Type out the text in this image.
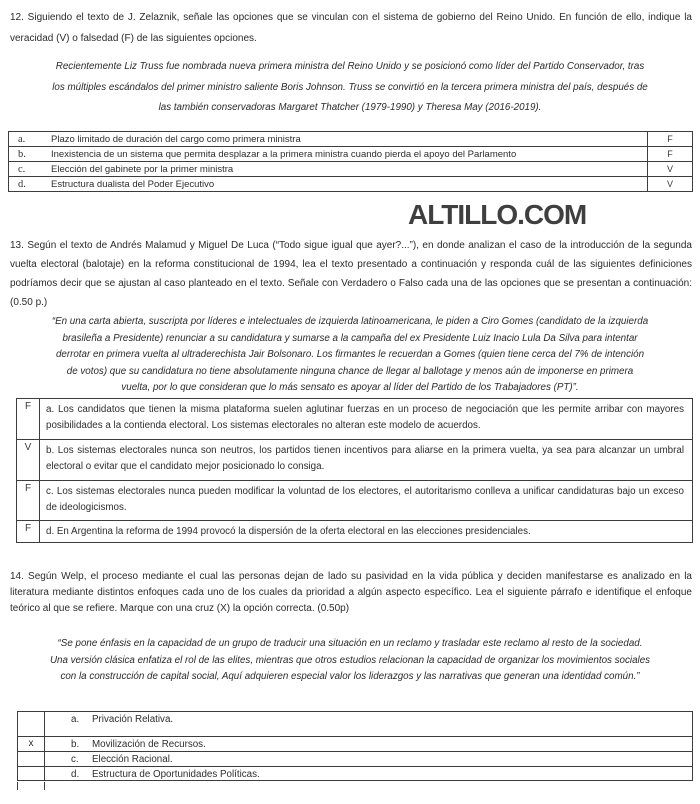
12. Siguiendo el texto de J. Zelaznik, señale las opciones que se vinculan con el sistema de gobierno del Reino Unido. En función de ello, indique la veracidad (V) o falsedad (F) de las siguientes opciones.
Recientemente Liz Truss fue nombrada nueva primera ministra del Reino Unido y se posicionó como líder del Partido Conservador, tras
los múltiples escándalos del primer ministro saliente Boris Johnson. Truss se convirtió en la tercera primera ministra del país, después de
las también conservadoras Margaret Thatcher (1979-1990) y Theresa May (2016-2019).
a.	Plazo limitado de duración del cargo como primera ministra	F
b.	Inexistencia de un sistema que permita desplazar a la primera ministra cuando pierda el apoyo del Parlamento	F
c.	Elección del gabinete por la primer ministra	V
d.	Estructura dualista del Poder Ejecutivo	V
ALTILLO.COM
13. Según el texto de Andrés Malamud y Miguel De Luca (“Todo sigue igual que ayer?...”), en donde analizan el caso de la introducción de la segunda vuelta electoral (balotaje) en la reforma constitucional de 1994, lea el texto presentado a continuación y responda cuál de las siguientes definiciones podríamos decir que se ajustan al caso planteado en el texto. Señale con Verdadero o Falso cada una de las opciones que se presentan a continuación: (0.50 p.)
“En una carta abierta, suscripta por líderes e intelectuales de izquierda latinoamericana, le piden a Ciro Gomes (candidato de la izquierda
brasileña a Presidente) renunciar a su candidatura y sumarse a la campaña del ex Presidente Luiz Inacio Lula Da Silva para intentar
derrotar en primera vuelta al ultraderechista Jair Bolsonaro. Los firmantes le recuerdan a Gomes (quien tiene cerca del 7% de intención
de votos) que su candidatura no tiene absolutamente ninguna chance de llegar al ballotage y menos aún de imponerse en primera
vuelta, por lo que consideran que lo más sensato es apoyar al líder del Partido de los Trabajadores (PT)”.
F	a. Los candidatos que tienen la misma plataforma suelen aglutinar fuerzas en un proceso de negociación que les permite arribar con mayores posibilidades a la contienda electoral. Los sistemas electorales no alteran este modelo de acuerdos.
V	b. Los sistemas electorales nunca son neutros, los partidos tienen incentivos para aliarse en la primera vuelta, ya sea para alcanzar un umbral electoral o evitar que el candidato mejor posicionado lo consiga.
F	c. Los sistemas electorales nunca pueden modificar la voluntad de los electores, el autoritarismo conlleva a unificar candidaturas bajo un exceso de ideologicismos.
F	d. En Argentina la reforma de 1994 provocó la dispersión de la oferta electoral en las elecciones presidenciales.
14. Según Welp, el proceso mediante el cual las personas dejan de lado su pasividad en la vida pública y deciden manifestarse es analizado en la literatura mediante distintos enfoques cada uno de los cuales da prioridad a algún aspecto específico. Lea el siguiente párrafo e identifique el enfoque teórico al que se refiere. Marque con una cruz (X) la opción correcta. (0.50p)
“Se pone énfasis en la capacidad de un grupo de traducir una situación en un reclamo y trasladar este reclamo al resto de la sociedad.
Una versión clásica enfatiza el rol de las elites, mientras que otros estudios relacionan la capacidad de organizar los movimientos sociales
con la construcción de capital social, Aquí adquieren especial valor los liderazgos y las narrativas que generan una identidad común.”
a.	Privación Relativa.
x	b.	Movilización de Recursos.
c.	Elección Racional.
d.	Estructura de Oportunidades Políticas.
